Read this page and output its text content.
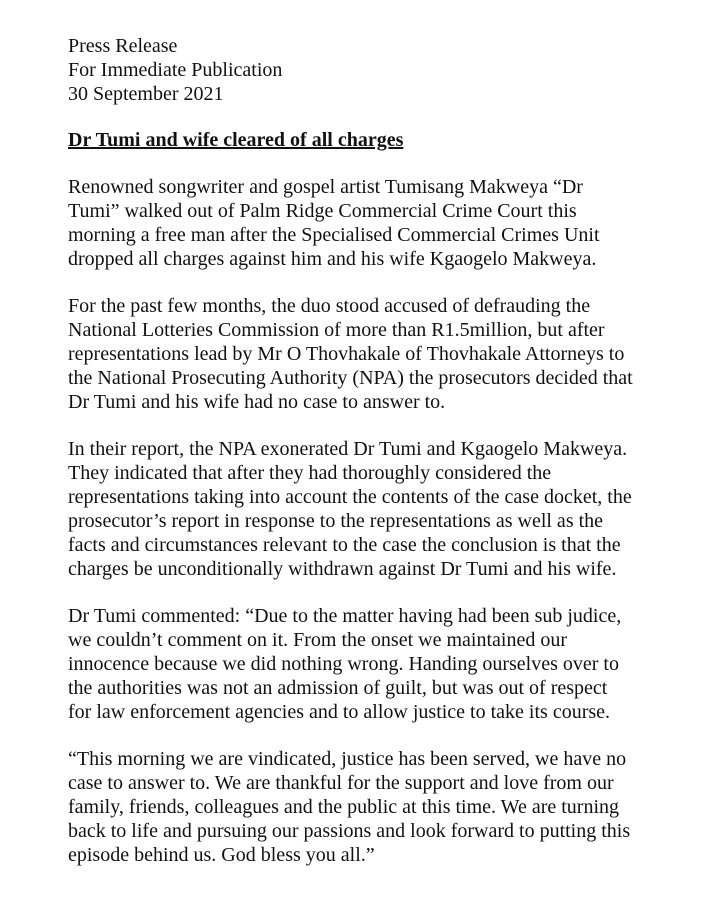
Press Release
For Immediate Publication
30 September 2021
Dr Tumi and wife cleared of all charges
Renowned songwriter and gospel artist Tumisang Makweya “Dr
Tumi” walked out of Palm Ridge Commercial Crime Court this
morning a free man after the Specialised Commercial Crimes Unit
dropped all charges against him and his wife Kgaogelo Makweya.
For the past few months, the duo stood accused of defrauding the
National Lotteries Commission of more than R1.5million, but after
representations lead by Mr O Thovhakale of Thovhakale Attorneys to
the National Prosecuting Authority (NPA) the prosecutors decided that
Dr Tumi and his wife had no case to answer to.
In their report, the NPA exonerated Dr Tumi and Kgaogelo Makweya.
They indicated that after they had thoroughly considered the
representations taking into account the contents of the case docket, the
prosecutor’s report in response to the representations as well as the
facts and circumstances relevant to the case the conclusion is that the
charges be unconditionally withdrawn against Dr Tumi and his wife.
Dr Tumi commented: “Due to the matter having had been sub judice,
we couldn’t comment on it. From the onset we maintained our
innocence because we did nothing wrong. Handing ourselves over to
the authorities was not an admission of guilt, but was out of respect
for law enforcement agencies and to allow justice to take its course.
“This morning we are vindicated, justice has been served, we have no
case to answer to. We are thankful for the support and love from our
family, friends, colleagues and the public at this time. We are turning
back to life and pursuing our passions and look forward to putting this
episode behind us. God bless you all.”
